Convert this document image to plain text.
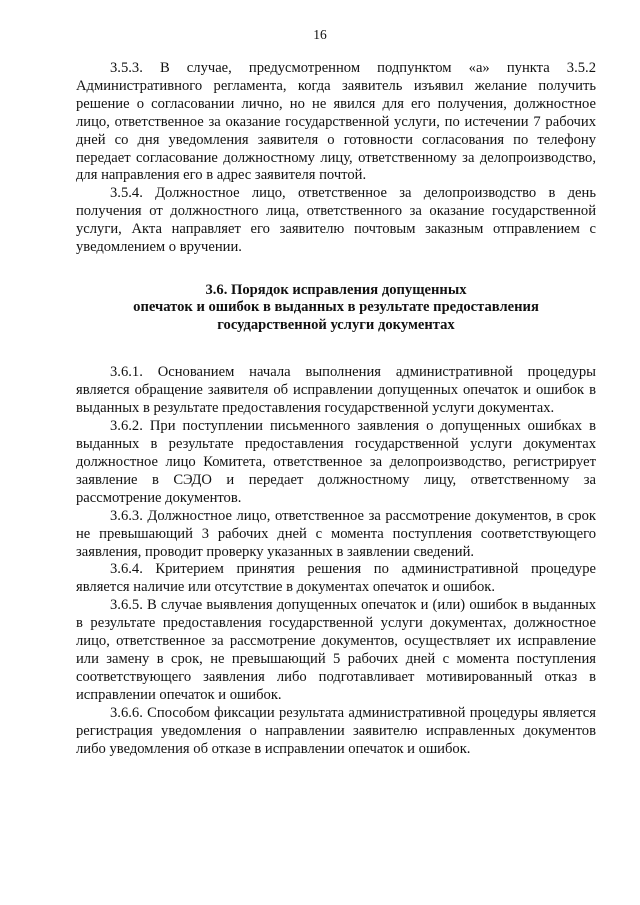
16

3.5.3. В случае, предусмотренном подпунктом «а» пункта 3.5.2 Административного регламента, когда заявитель изъявил желание получить решение о согласовании лично, но не явился для его получения, должностное лицо, ответственное за оказание государственной услуги, по истечении 7 рабочих дней со дня уведомления заявителя о готовности согласования по телефону передает согласование должностному лицу, ответственному за делопроизводство, для направления его в адрес заявителя почтой.

3.5.4. Должностное лицо, ответственное за делопроизводство в день получения от должностного лица, ответственного за оказание государственной услуги, Акта направляет его заявителю почтовым заказным отправлением с уведомлением о вручении.

3.6. Порядок исправления допущенных
опечаток и ошибок в выданных в результате предоставления
государственной услуги документах

3.6.1. Основанием начала выполнения административной процедуры является обращение заявителя об исправлении допущенных опечаток и ошибок в выданных в результате предоставления государственной услуги документах.

3.6.2. При поступлении письменного заявления о допущенных ошибках в выданных в результате предоставления государственной услуги документах должностное лицо Комитета, ответственное за делопроизводство, регистрирует заявление в СЭДО и передает должностному лицу, ответственному за рассмотрение документов.

3.6.3. Должностное лицо, ответственное за рассмотрение документов, в срок не превышающий 3 рабочих дней с момента поступления соответствующего заявления, проводит проверку указанных в заявлении сведений.

3.6.4. Критерием принятия решения по административной процедуре является наличие или отсутствие в документах опечаток и ошибок.

3.6.5. В случае выявления допущенных опечаток и (или) ошибок в выданных в результате предоставления государственной услуги документах, должностное лицо, ответственное за рассмотрение документов, осуществляет их исправление или замену в срок, не превышающий 5 рабочих дней с момента поступления соответствующего заявления либо подготавливает мотивированный отказ в исправлении опечаток и ошибок.

3.6.6. Способом фиксации результата административной процедуры является регистрация уведомления о направлении заявителю исправленных документов либо уведомления об отказе в исправлении опечаток и ошибок.
